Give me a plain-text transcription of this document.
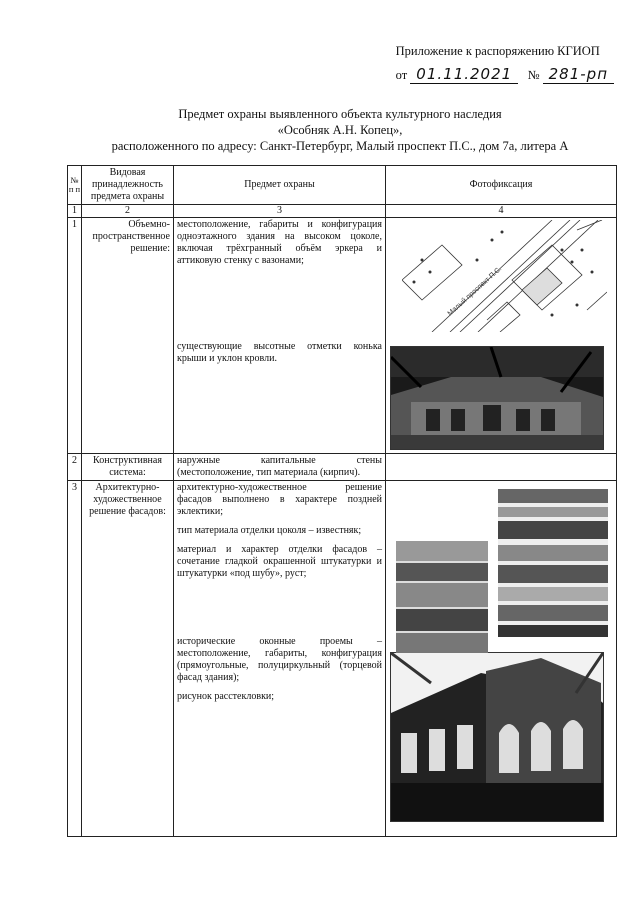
Приложение к распоряжению КГИОП
от 01.11.2021 № 281-рп
Предмет охраны выявленного объекта культурного наследия
«Особняк А.Н. Копец»,
расположенного по адресу: Санкт-Петербург, Малый проспект П.С., дом 7а, литера А
№ п п	Видовая принадлежность предмета охраны	Предмет охраны	Фотофиксация
1	2	3	4
1	Объемно-пространственное решение:	местоположение, габариты и конфигурация одноэтажного здания на высоком цоколе, включая трёхгранный объём эркера и аттиковую стенку с вазонами;
существующие высотные отметки конька крыши и уклон кровли.	Малый проспект П.С.

2	Конструктивная система:	наружные капитальные стены (местоположение, тип материала (кирпич).	

3	Архитектурно-художественное решение фасадов:	архитектурно-художественное решение фасадов выполнено в характере поздней эклектики;
тип материала отделки цоколя – известняк;
материал и характер отделки фасадов – сочетание гладкой окрашенной штукатурки и штукатурки «под шубу», руст;
исторические оконные проемы – местоположение, габариты, конфигурация (прямоугольные, полуциркульный (торцевой фасад здания);
рисунок расстекловки;
